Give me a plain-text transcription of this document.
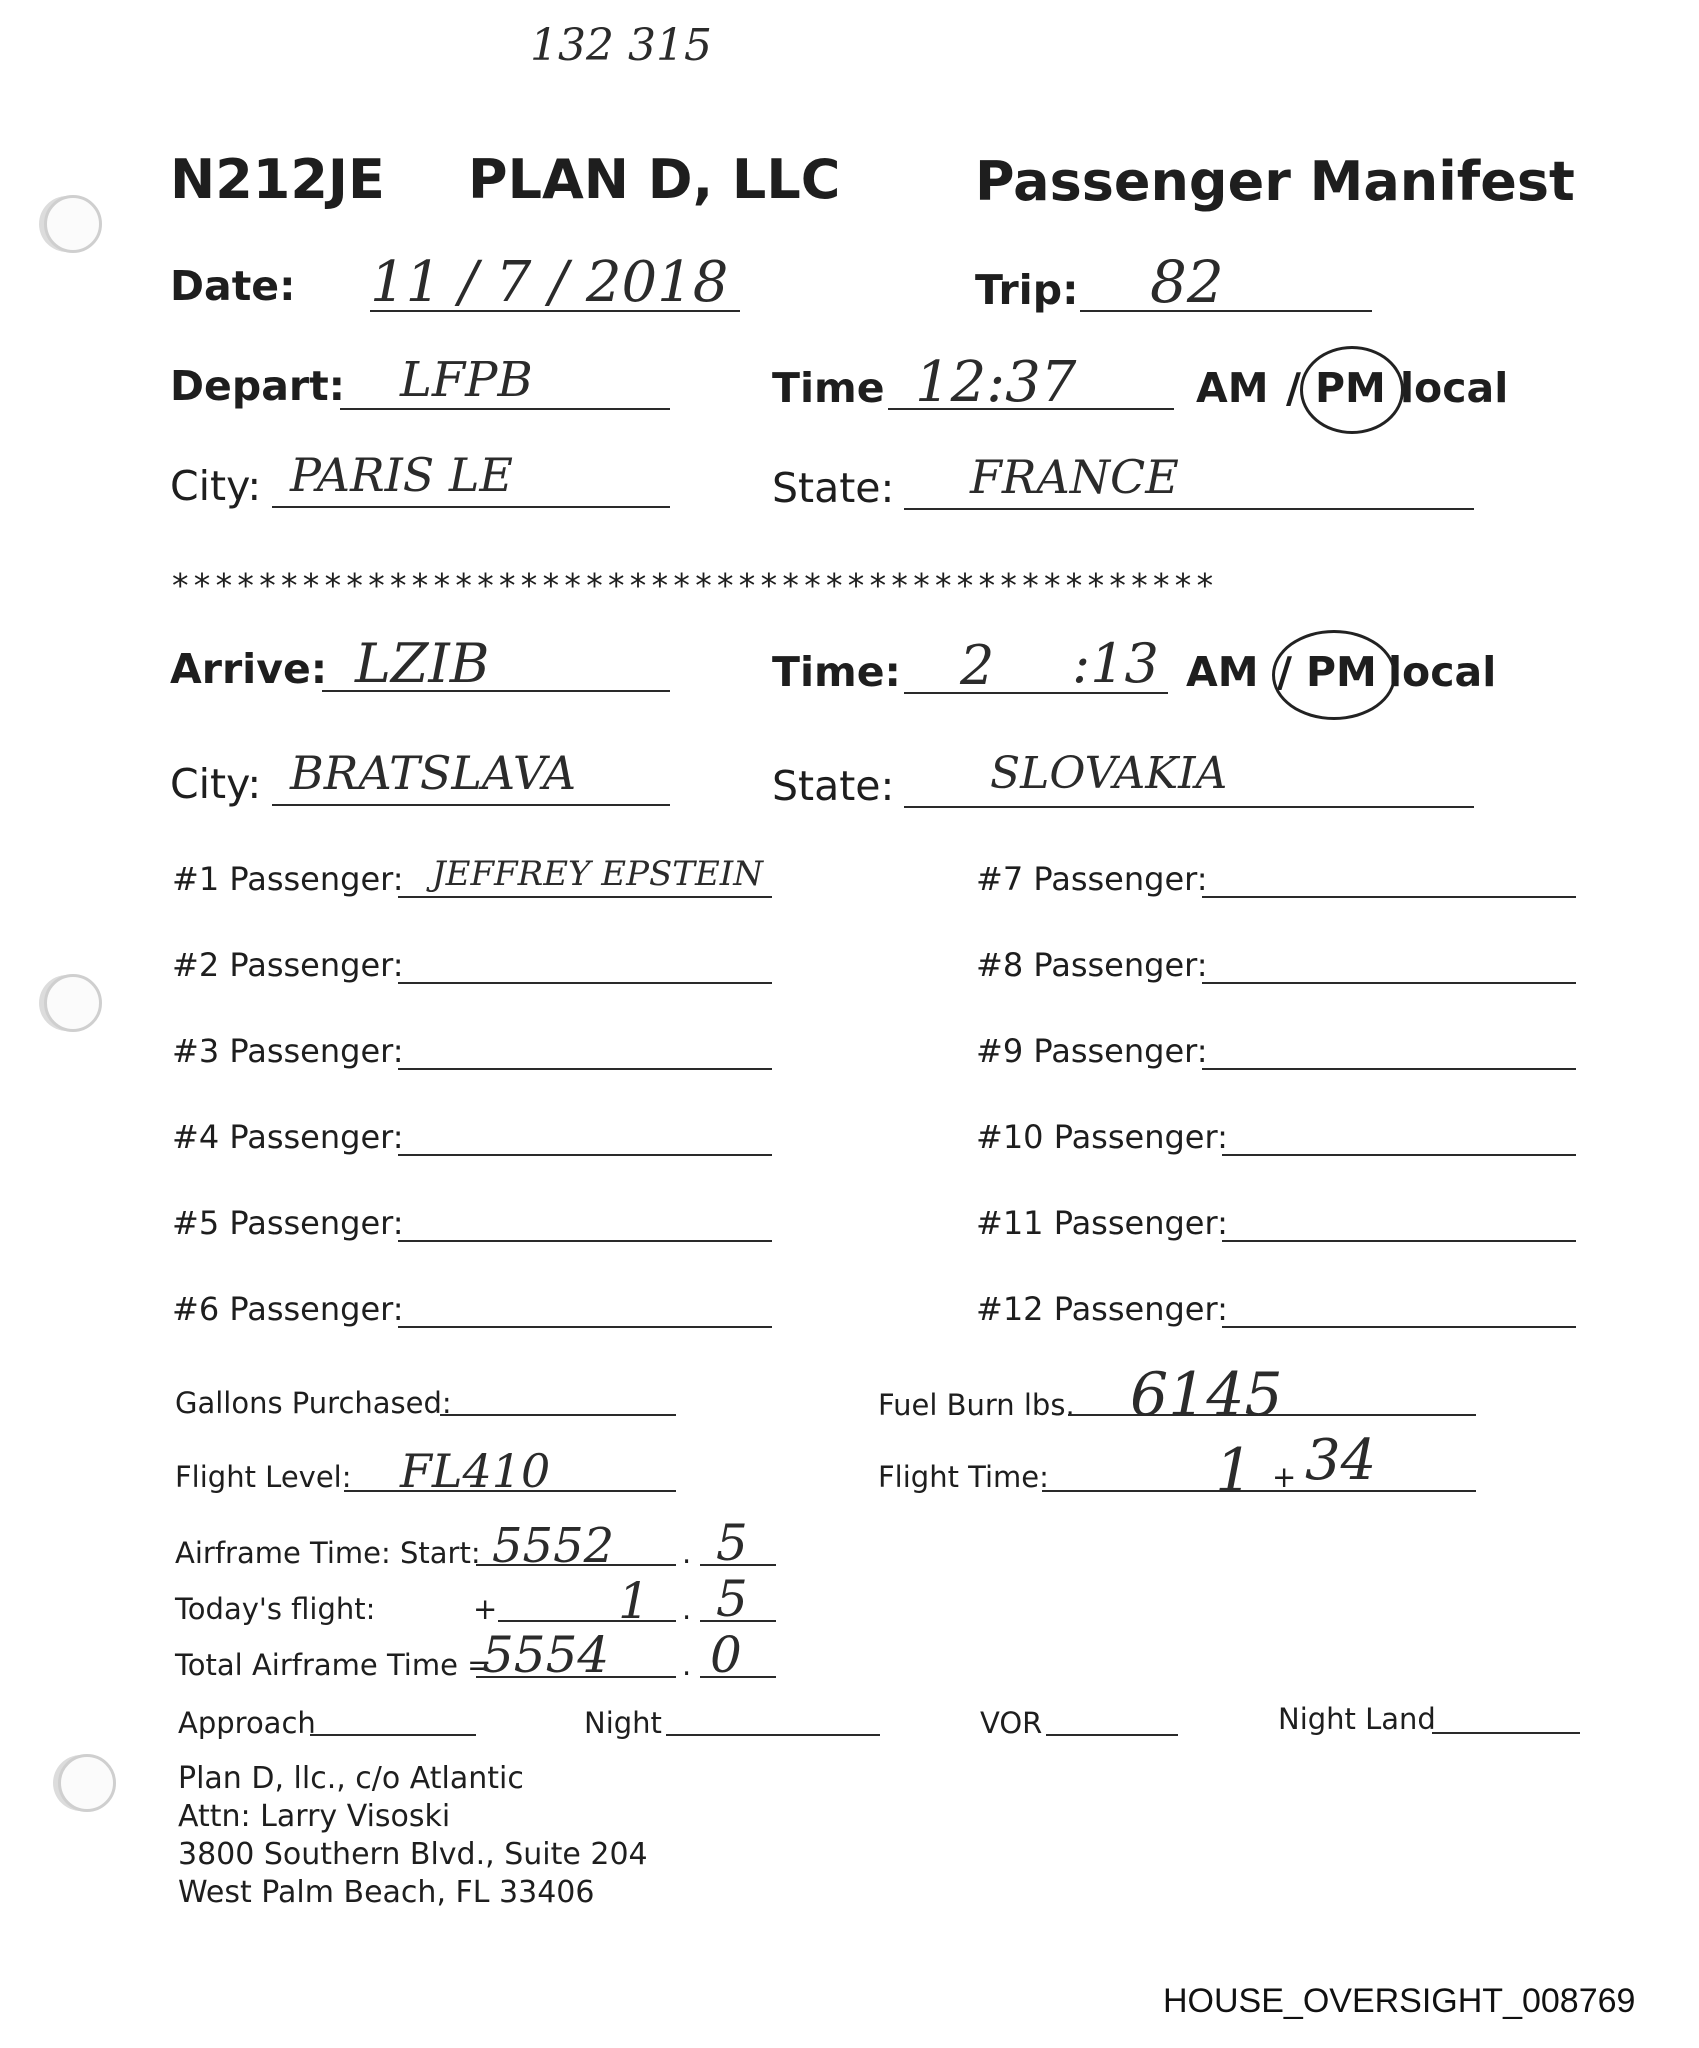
132 315
N212JE PLAN D, LLC Passenger Manifest
Date: 11 / 7 / 2018	Trip: 82
Depart: LFPB	Time 12:37	AM / PM local
City: PARIS LE	State: FRANCE
************************************************
Arrive: LZIB	Time: 2 :13 AM / PM local
City: BRATSLAVA	State: SLOVAKIA
#1 Passenger: JEFFREY EPSTEIN
#2 Passenger:
#3 Passenger:
#4 Passenger:
#5 Passenger:
#6 Passenger:
#7 Passenger:
#8 Passenger:
#9 Passenger:
#10 Passenger:
#11 Passenger:
#12 Passenger:
Gallons Purchased:	Fuel Burn lbs. 6145
Flight Level: FL410	Flight Time:	1 + 34
Airframe Time: Start: 5552 . 5
Today's flight:	+ 1 . 5
Total Airframe Time =
5554	. 0
Approach	Night	VOR	Night Land
Plan D, llc., c/o Atlantic
Attn: Larry Visoski
3800 Southern Blvd., Suite 204
West Palm Beach, FL 33406
HOUSE_OVERSIGHT_008769
